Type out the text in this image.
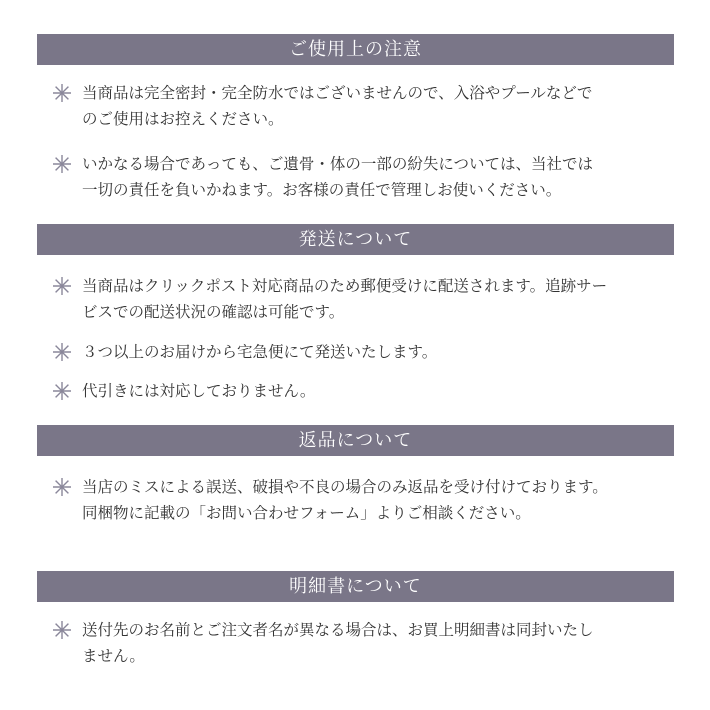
ご使用上の注意
当商品は完全密封・完全防水ではございませんので、入浴やプールなどで
のご使用はお控えください。
いかなる場合であっても、ご遺骨・体の一部の紛失については、当社では
一切の責任を負いかねます。お客様の責任で管理しお使いください。
発送について
当商品はクリックポスト対応商品のため郵便受けに配送されます。追跡サー
ビスでの配送状況の確認は可能です。
３つ以上のお届けから宅急便にて発送いたします。
代引きには対応しておりません。
返品について
当店のミスによる誤送、破損や不良の場合のみ返品を受け付けております。
同梱物に記載の「お問い合わせフォーム」よりご相談ください。
明細書について
送付先のお名前とご注文者名が異なる場合は、お買上明細書は同封いたし
ません。
